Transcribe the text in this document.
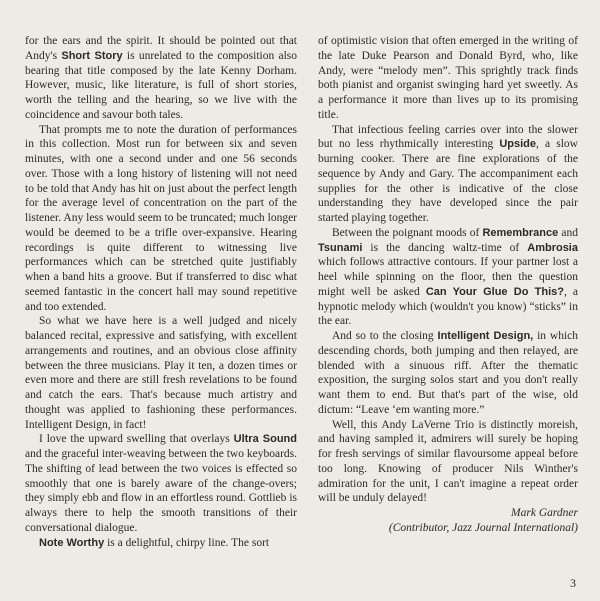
for the ears and the spirit. It should be pointed out that Andy's Short Story is unrelated to the composition also bearing that title composed by the late Kenny Dorham. However, music, like literature, is full of short stories, worth the telling and the hearing, so we live with the coincidence and savour both tales.

That prompts me to note the duration of performances in this collection. Most run for between six and seven minutes, with one a second under and one 56 seconds over. Those with a long history of listening will not need to be told that Andy has hit on just about the perfect length for the average level of concentration on the part of the listener. Any less would seem to be truncated; much longer would be deemed to be a trifle over-expansive. Hearing recordings is quite different to witnessing live performances which can be stretched quite justifiably when a band hits a groove. But if transferred to disc what seemed fantastic in the concert hall may sound repetitive and too extended.

So what we have here is a well judged and nicely balanced recital, expressive and satisfying, with excellent arrangements and routines, and an obvious close affinity between the three musicians. Play it ten, a dozen times or even more and there are still fresh revelations to be found and catch the ears. That's because much artistry and thought was applied to fashioning these performances. Intelligent Design, in fact!

I love the upward swelling that overlays Ultra Sound and the graceful inter-weaving between the two keyboards. The shifting of lead between the two voices is effected so smoothly that one is barely aware of the change-overs; they simply ebb and flow in an effortless round. Gottlieb is always there to help the smooth transitions of their conversational dialogue.

Note Worthy is a delightful, chirpy line. The sort

of optimistic vision that often emerged in the writing of the late Duke Pearson and Donald Byrd, who, like Andy, were “melody men”. This sprightly track finds both pianist and organist swinging hard yet sweetly. As a performance it more than lives up to its promising title.

That infectious feeling carries over into the slower but no less rhythmically interesting Upside, a slow burning cooker. There are fine explorations of the sequence by Andy and Gary. The accompaniment each supplies for the other is indicative of the close understanding they have developed since the pair started playing together.

Between the poignant moods of Remembrance and Tsunami is the dancing waltz-time of Ambrosia which follows attractive contours. If your partner lost a heel while spinning on the floor, then the question might well be asked Can Your Glue Do This?, a hypnotic melody which (wouldn't you know) “sticks” in the ear.

And so to the closing Intelligent Design, in which descending chords, both jumping and then relayed, are blended with a sinuous riff. After the thematic exposition, the surging solos start and you don't really want them to end. But that's part of the wise, old dictum: “Leave ‘em wanting more.”

Well, this Andy LaVerne Trio is distinctly moreish, and having sampled it, admirers will surely be hoping for fresh servings of similar flavoursome appeal before too long. Knowing of producer Nils Winther's admiration for the unit, I can't imagine a repeat order will be unduly delayed!

Mark Gardner

(Contributor, Jazz Journal International)

3
